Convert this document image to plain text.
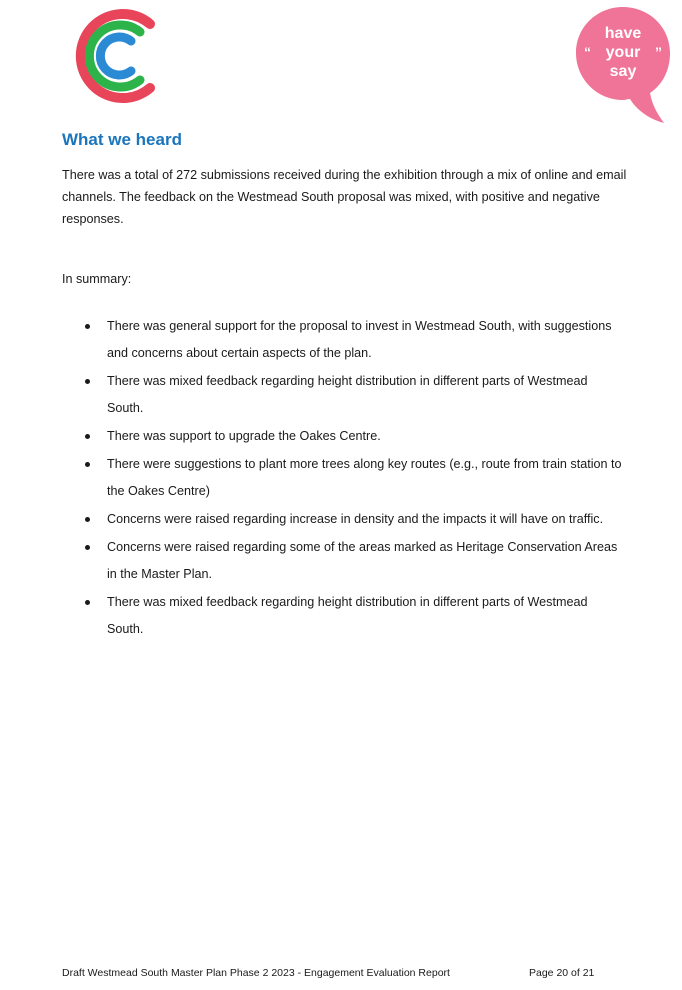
“	”
have
your
say
What we heard

There was a total of 272 submissions received during the exhibition through a mix of online and email channels. The feedback on the Westmead South proposal was mixed, with positive and negative responses.

In summary:

There was general support for the proposal to invest in Westmead South, with suggestions and concerns about certain aspects of the plan.
There was mixed feedback regarding height distribution in different parts of Westmead South.
There was support to upgrade the Oakes Centre.
There were suggestions to plant more trees along key routes (e.g., route from train station to the Oakes Centre)
Concerns were raised regarding increase in density and the impacts it will have on traffic.
Concerns were raised regarding some of the areas marked as Heritage Conservation Areas in the Master Plan.
There was mixed feedback regarding height distribution in different parts of Westmead South.
Draft Westmead South Master Plan Phase 2 2023 - Engagement Evaluation Report	Page 20 of 21
